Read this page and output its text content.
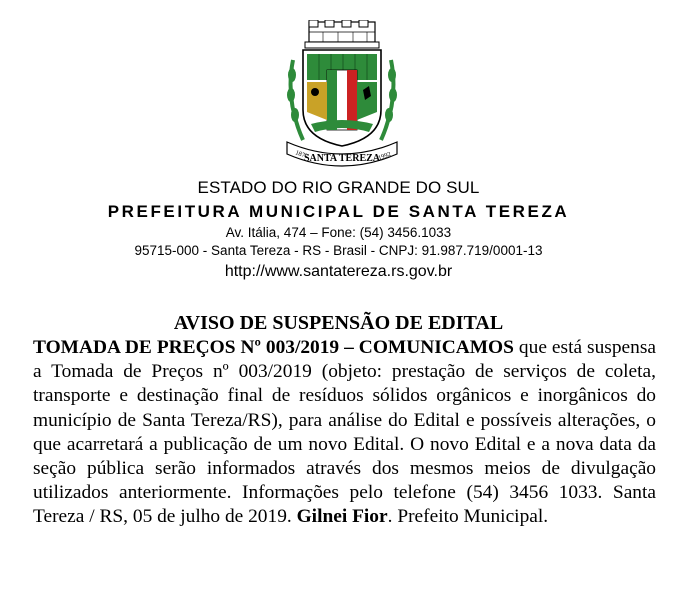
SANTA TEREZA
1877	1992
ESTADO DO RIO GRANDE DO SUL
PREFEITURA MUNICIPAL DE SANTA TEREZA
Av. Itália, 474 – Fone: (54) 3456.1033
95715-000 - Santa Tereza - RS - Brasil - CNPJ: 91.987.719/0001-13
http://www.santatereza.rs.gov.br
AVISO DE SUSPENSÃO DE EDITAL

TOMADA DE PREÇOS Nº 003/2019 – COMUNICAMOS que está suspensa a Tomada de Preços nº 003/2019 (objeto: prestação de serviços de coleta, transporte e destinação final de resíduos sólidos orgânicos e inorgânicos do município de Santa Tereza/RS), para análise do Edital e possíveis alterações, o que acarretará a publicação de um novo Edital. O novo Edital e a nova data da seção pública serão informados através dos mesmos meios de divulgação utilizados anteriormente. Informações pelo telefone (54) 3456 1033. Santa Tereza / RS, 05 de julho de 2019. Gilnei Fior. Prefeito Municipal.
